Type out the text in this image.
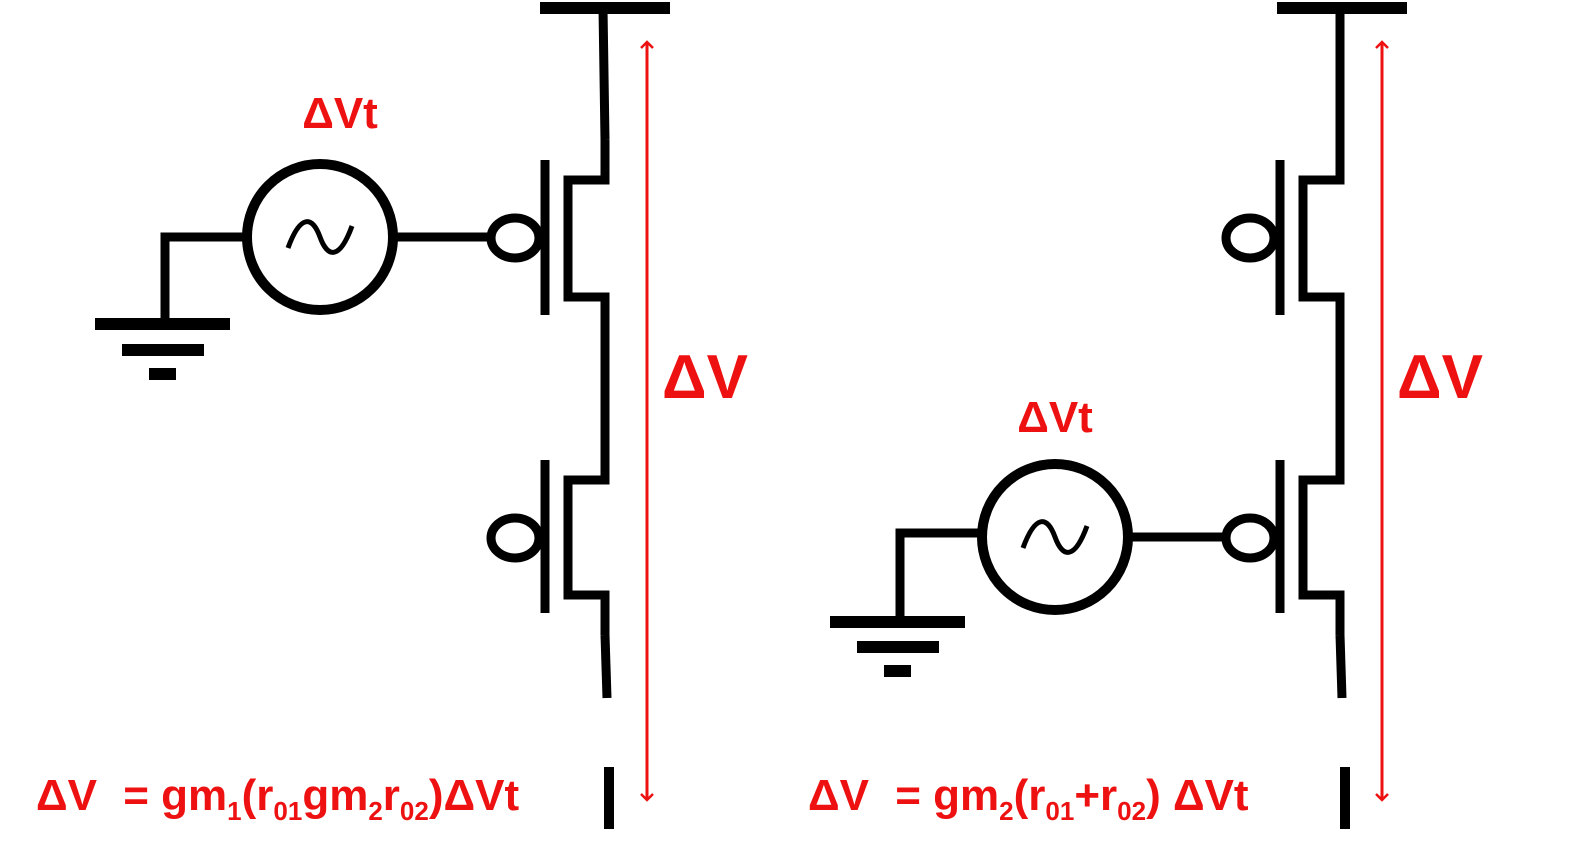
ΔVt
ΔV
$\Delta V = gm_1(r_{01}gm_2r_{02})\Delta Vt$
ΔVt
ΔV
$\Delta V = gm_2(r_{01}+r_{02})$ ΔVt
